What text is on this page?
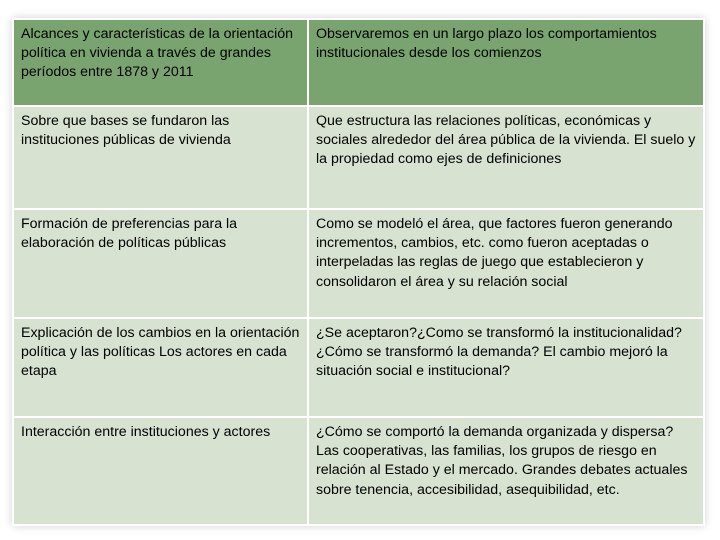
Alcances y características de la orientación política en vivienda a través de grandes períodos entre 1878 y 2011	Observaremos en un largo plazo los comportamientos institucionales desde los comienzos
Sobre que bases se fundaron las instituciones públicas de vivienda	Que estructura las relaciones políticas, económicas y sociales alrededor del área pública de la vivienda. El suelo y la propiedad como ejes de definiciones
Formación de preferencias para la elaboración de políticas públicas	Como se modeló el área, que factores fueron generando incrementos, cambios, etc. como fueron aceptadas o interpeladas las reglas de juego que establecieron y consolidaron el área y su relación social
Explicación de los cambios en la orientación política y las políticas Los actores en cada etapa	¿Se aceptaron?¿Como se transformó la institucionalidad? ¿Cómo se transformó la demanda? El cambio mejoró la situación social e institucional?
Interacción entre instituciones y actores	¿Cómo se comportó la demanda organizada y dispersa? Las cooperativas, las familias, los grupos de riesgo en relación al Estado y el mercado. Grandes debates actuales sobre tenencia, accesibilidad, asequibilidad, etc.
